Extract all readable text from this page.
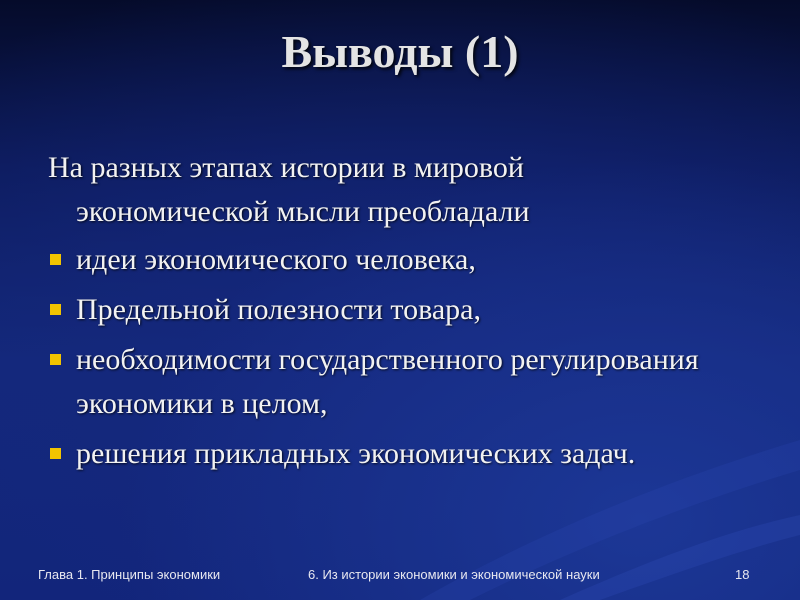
Выводы (1)

На разных этапах истории в мировой
экономической мысли преобладали

идеи экономического человека,
Предельной полезности товара,
необходимости государственного регулирования экономики в целом,
решения прикладных экономических задач.
Глава 1. Принципы экономики	6. Из истории экономики и экономической науки	18
